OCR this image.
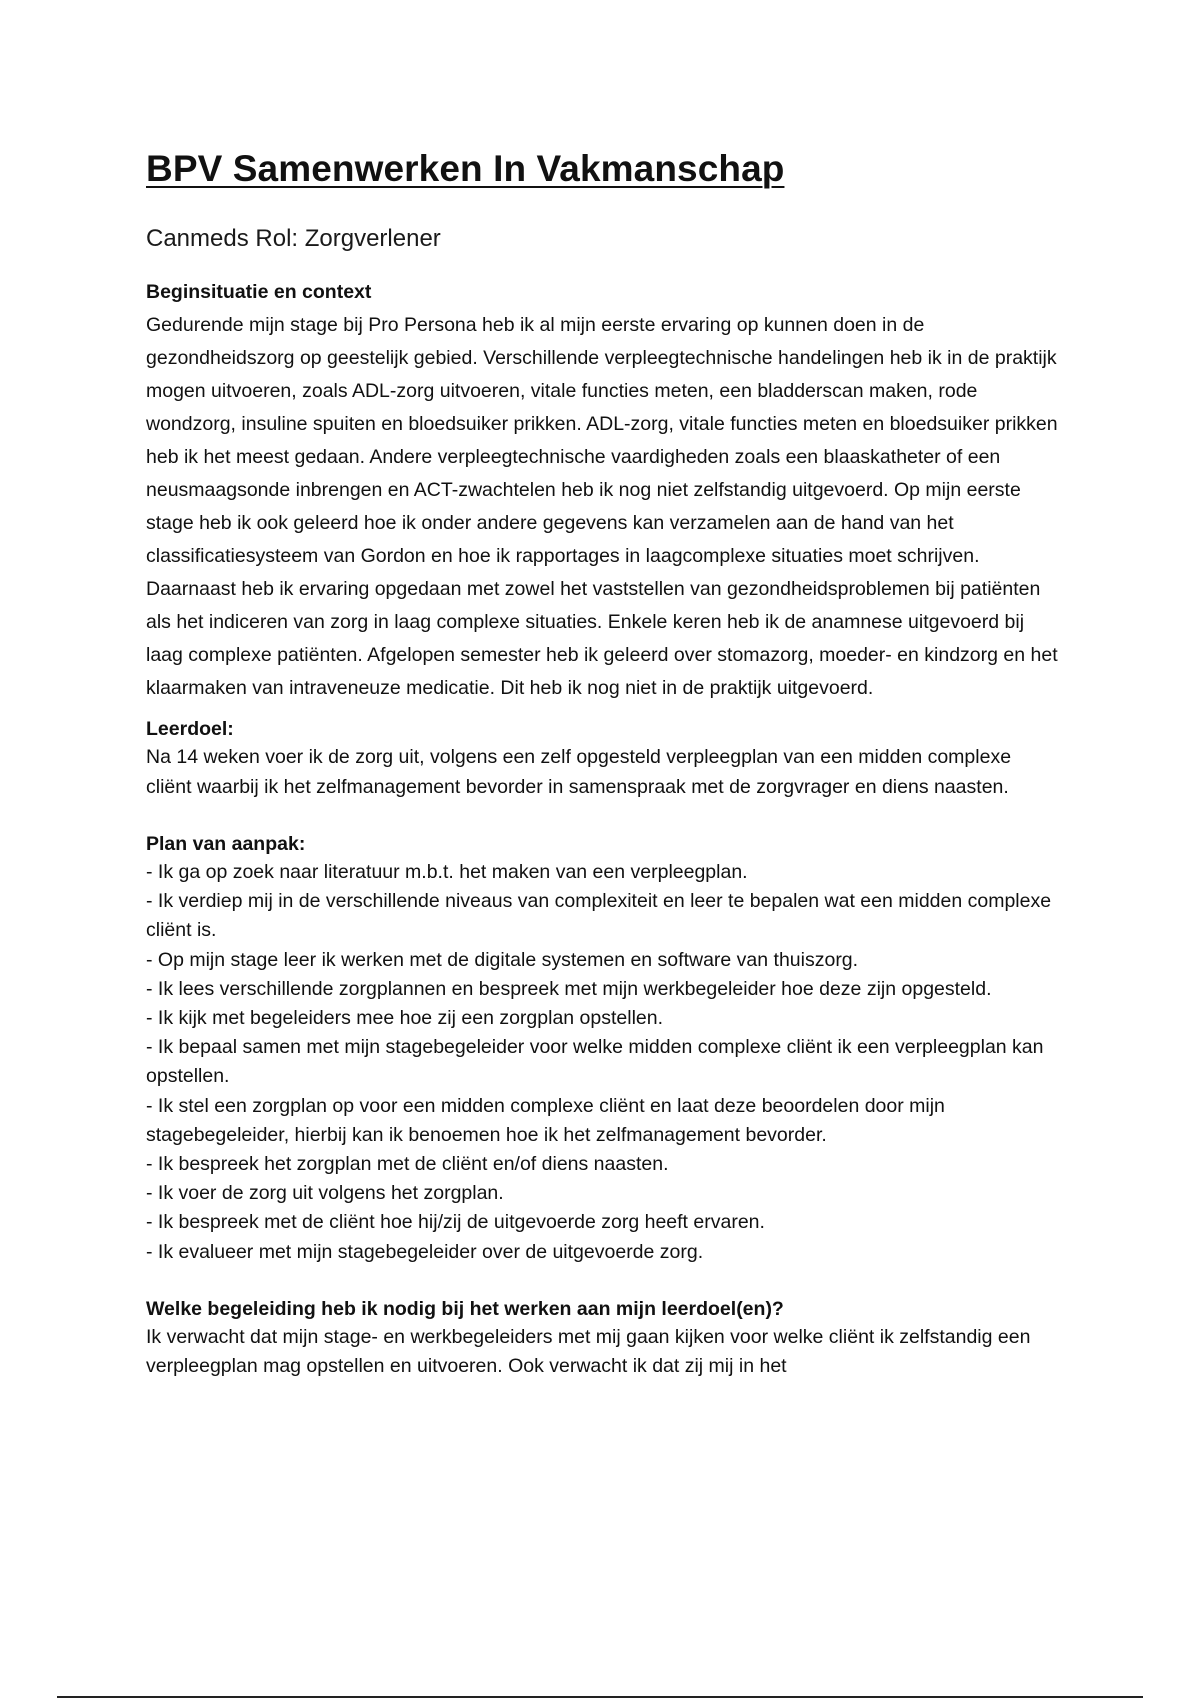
BPV Samenwerken In Vakmanschap
Canmeds Rol: Zorgverlener
Beginsituatie en context

Gedurende mijn stage bij Pro Persona heb ik al mijn eerste ervaring op kunnen doen in de gezondheidszorg op geestelijk gebied. Verschillende verpleegtechnische handelingen heb ik in de praktijk mogen uitvoeren, zoals ADL-zorg uitvoeren, vitale functies meten, een bladderscan maken, rode wondzorg, insuline spuiten en bloedsuiker prikken. ADL-zorg, vitale functies meten en bloedsuiker prikken heb ik het meest gedaan. Andere verpleegtechnische vaardigheden zoals een blaaskatheter of een neusmaagsonde inbrengen en ACT-zwachtelen heb ik nog niet zelfstandig uitgevoerd. Op mijn eerste stage heb ik ook geleerd hoe ik onder andere gegevens kan verzamelen aan de hand van het classificatiesysteem van Gordon en hoe ik rapportages in laagcomplexe situaties moet schrijven. Daarnaast heb ik ervaring opgedaan met zowel het vaststellen van gezondheidsproblemen bij patiënten als het indiceren van zorg in laag complexe situaties. Enkele keren heb ik de anamnese uitgevoerd bij laag complexe patiënten. Afgelopen semester heb ik geleerd over stomazorg, moeder- en kindzorg en het klaarmaken van intraveneuze medicatie. Dit heb ik nog niet in de praktijk uitgevoerd.

Leerdoel:

Na 14 weken voer ik de zorg uit, volgens een zelf opgesteld verpleegplan van een midden complexe cliënt waarbij ik het zelfmanagement bevorder in samenspraak met de zorgvrager en diens naasten.

Plan van aanpak:
- Ik ga op zoek naar literatuur m.b.t. het maken van een verpleegplan.
- Ik verdiep mij in de verschillende niveaus van complexiteit en leer te bepalen wat een midden complexe cliënt is.
- Op mijn stage leer ik werken met de digitale systemen en software van thuiszorg.
- Ik lees verschillende zorgplannen en bespreek met mijn werkbegeleider hoe deze zijn opgesteld.
- Ik kijk met begeleiders mee hoe zij een zorgplan opstellen.
- Ik bepaal samen met mijn stagebegeleider voor welke midden complexe cliënt ik een verpleegplan kan opstellen.
- Ik stel een zorgplan op voor een midden complexe cliënt en laat deze beoordelen door mijn stagebegeleider, hierbij kan ik benoemen hoe ik het zelfmanagement bevorder.
- Ik bespreek het zorgplan met de cliënt en/of diens naasten.
- Ik voer de zorg uit volgens het zorgplan.
- Ik bespreek met de cliënt hoe hij/zij de uitgevoerde zorg heeft ervaren.
- Ik evalueer met mijn stagebegeleider over de uitgevoerde zorg.
Welke begeleiding heb ik nodig bij het werken aan mijn leerdoel(en)?

Ik verwacht dat mijn stage- en werkbegeleiders met mij gaan kijken voor welke cliënt ik zelfstandig een verpleegplan mag opstellen en uitvoeren. Ook verwacht ik dat zij mij in het
